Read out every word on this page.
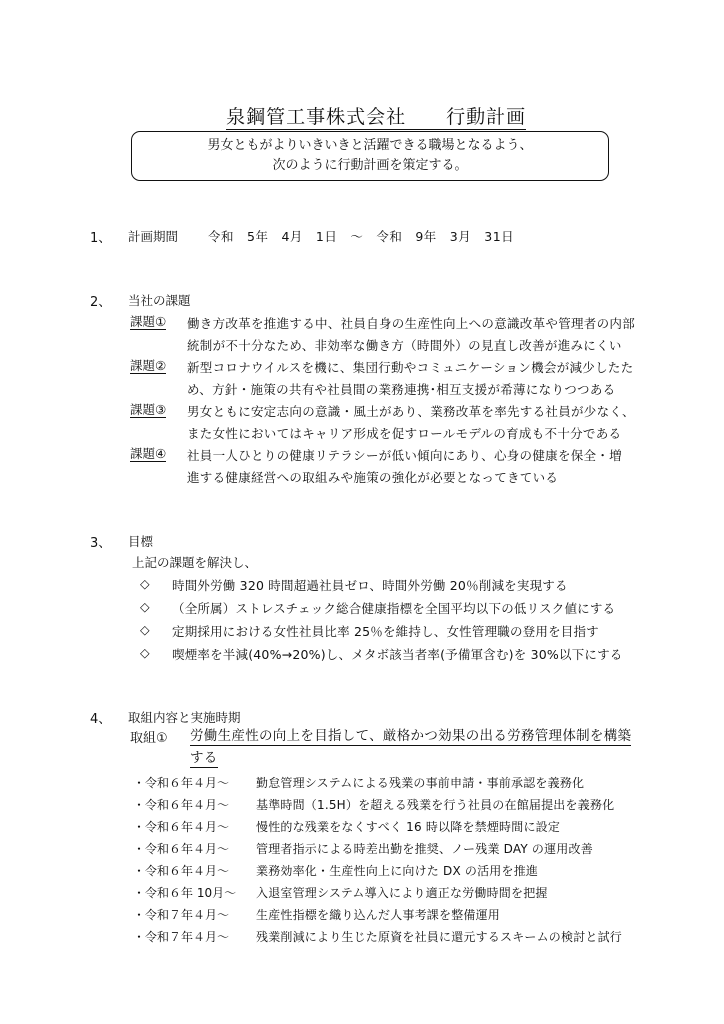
泉鋼管工事株式会社　　行動計画

男女ともがよりいきいきと活躍できる職場となるよう、
次のように行動計画を策定する。
1、 計画期間 令和　5年　4月　1日　～　令和　9年　3月　31日
2、 当社の課題
課題① 働き方改革を推進する中、社員自身の生産性向上への意識改革や管理者の内部
統制が不十分なため、非効率な働き方（時間外）の見直し改善が進みにくい
課題② 新型コロナウイルスを機に、集団行動やコミュニケーション機会が減少したた
め、方針・施策の共有や社員間の業務連携･相互支援が希薄になりつつある
課題③ 男女ともに安定志向の意識・風土があり、業務改革を率先する社員が少なく、
また女性においてはキャリア形成を促すロールモデルの育成も不十分である
課題④ 社員一人ひとりの健康リテラシーが低い傾向にあり、心身の健康を保全・増
進する健康経営への取組みや施策の強化が必要となってきている
3、 目標
上記の課題を解決し、
◇ 時間外労働 320 時間超過社員ゼロ、時間外労働 20％削減を実現する
◇ （全所属）ストレスチェック総合健康指標を全国平均以下の低リスク値にする
◇ 定期採用における女性社員比率 25％を維持し、女性管理職の登用を目指す
◇ 喫煙率を半減(40%→20%)し、メタボ該当者率(予備軍含む)を 30%以下にする
4、 取組内容と実施時期
取組① 労働生産性の向上を目指して、厳格かつ効果の出る労務管理体制を構築
する
・令和６年４月～ 勤怠管理システムによる残業の事前申請・事前承認を義務化
・令和６年４月～ 基準時間（1.5H）を超える残業を行う社員の在館届提出を義務化
・令和６年４月～ 慢性的な残業をなくすべく 16 時以降を禁煙時間に設定
・令和６年４月～ 管理者指示による時差出勤を推奨、ノー残業 DAY の運用改善
・令和６年４月～ 業務効率化・生産性向上に向けた DX の活用を推進
・令和６年 10月～ 入退室管理システム導入により適正な労働時間を把握
・令和７年４月～ 生産性指標を織り込んだ人事考課を整備運用
・令和７年４月～ 残業削減により生じた原資を社員に還元するスキームの検討と試行
